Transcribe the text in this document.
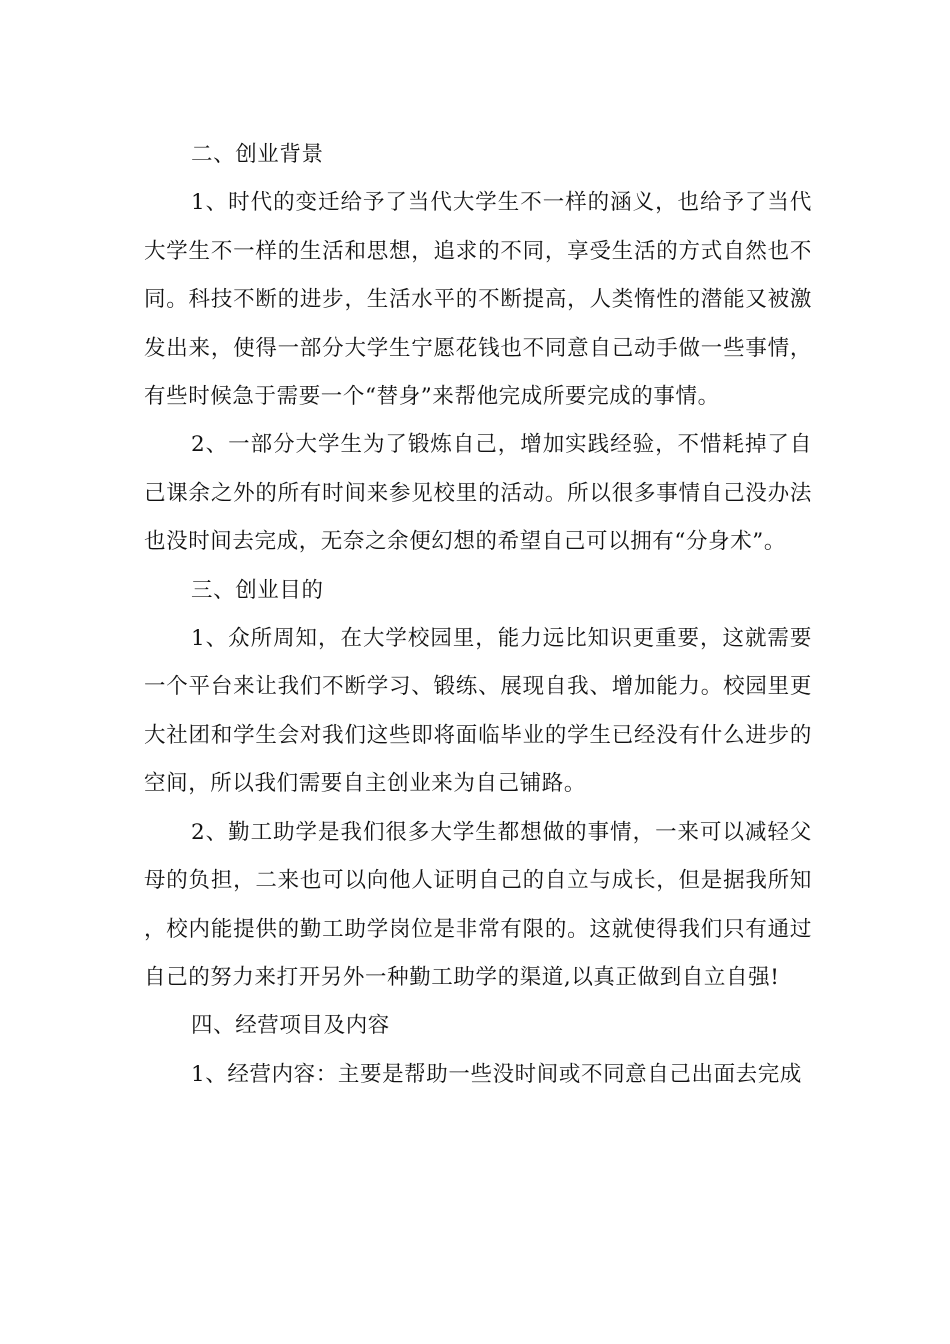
二、创业背景

1、时代的变迁给予了当代大学生不一样的涵义，也给予了当代大学生不一样的生活和思想，追求的不同，享受生活的方式自然也不同。科技不断的进步，生活水平的不断提高，人类惰性的潜能又被激发出来，使得一部分大学生宁愿花钱也不同意自己动手做一些事情，有些时候急于需要一个“替身”来帮他完成所要完成的事情。

2、一部分大学生为了锻炼自己，增加实践经验，不惜耗掉了自己课余之外的所有时间来参见校里的活动。所以很多事情自己没办法也没时间去完成，无奈之余便幻想的希望自己可以拥有“分身术”。

三、创业目的

1、众所周知，在大学校园里，能力远比知识更重要，这就需要一个平台来让我们不断学习、锻练、展现自我、增加能力。校园里更大社团和学生会对我们这些即将面临毕业的学生已经没有什么进步的空间，所以我们需要自主创业来为自己铺路。

2、勤工助学是我们很多大学生都想做的事情，一来可以减轻父母的负担，二来也可以向他人证明自己的自立与成长，但是据我所知，校内能提供的勤工助学岗位是非常有限的。这就使得我们只有通过自己的努力来打开另外一种勤工助学的渠道,以真正做到自立自强!

四、经营项目及内容

1、经营内容：主要是帮助一些没时间或不同意自己出面去完成
